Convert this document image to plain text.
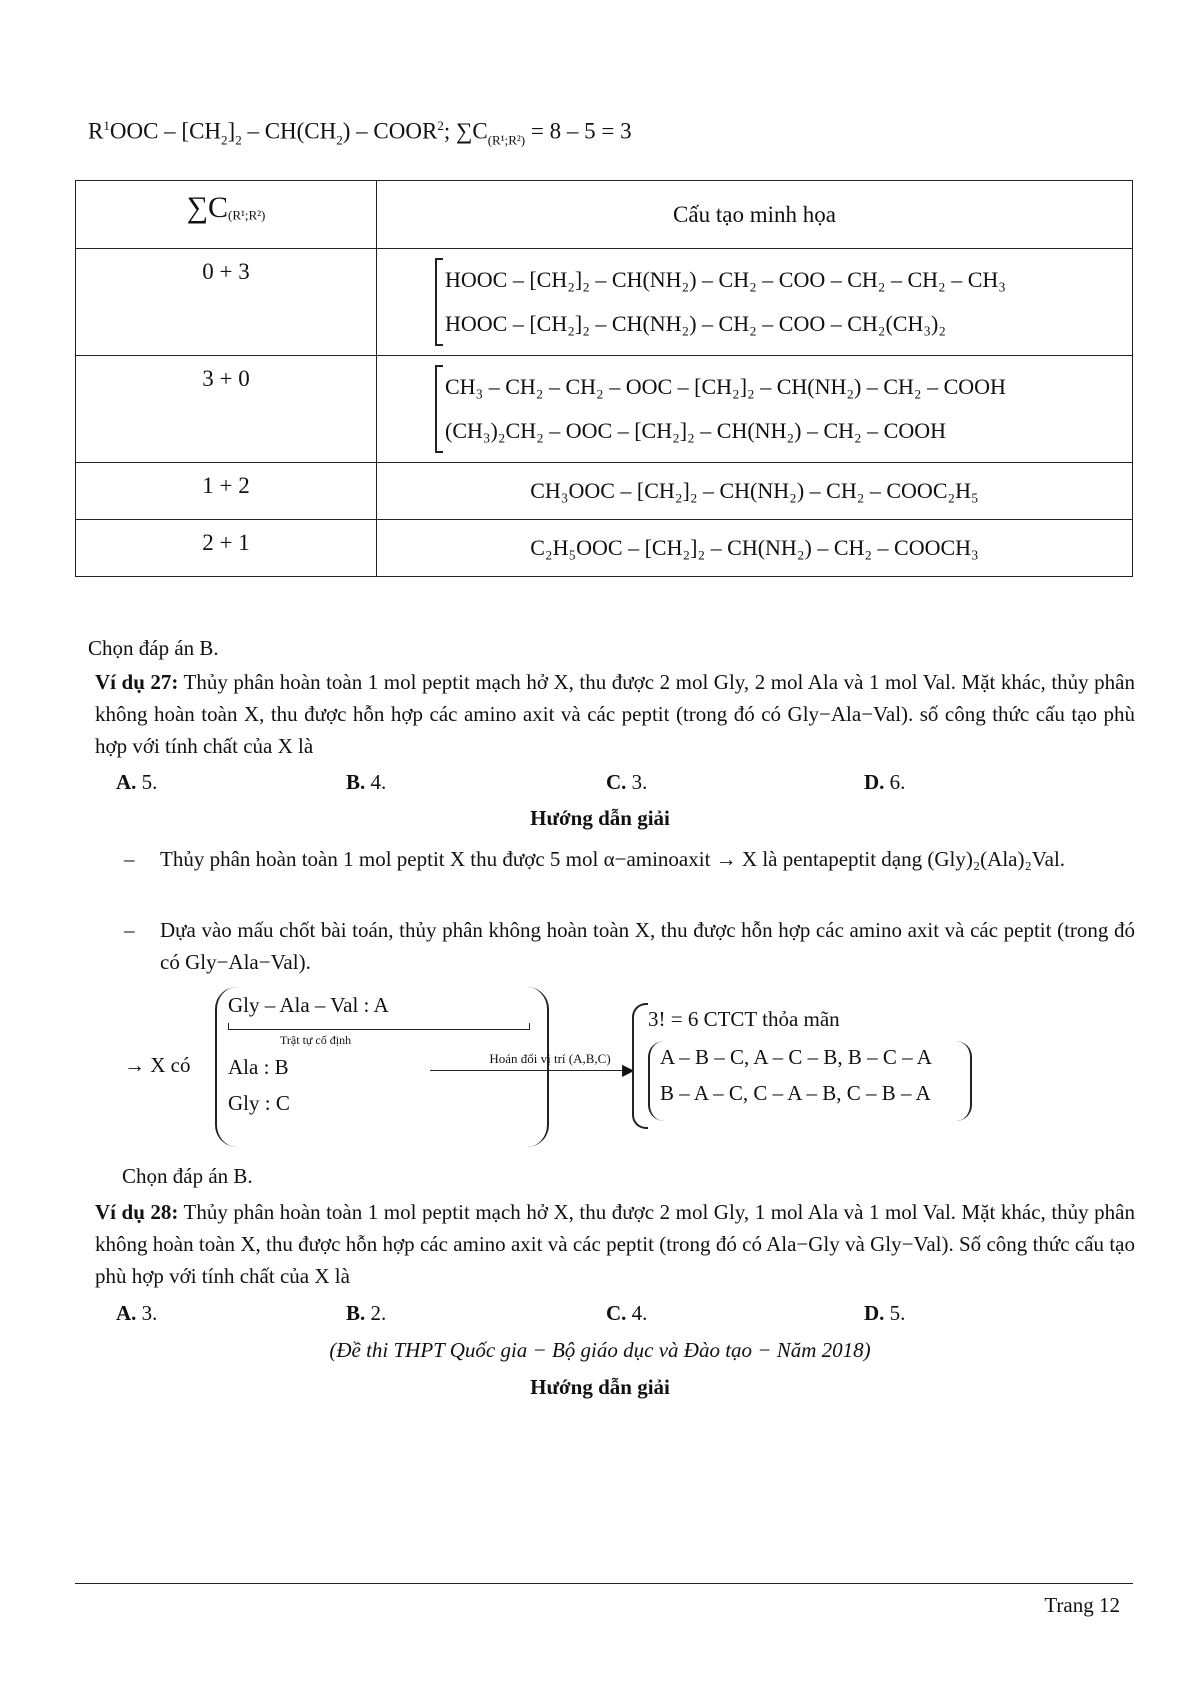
$R^1OOC - [CH_2]_2 - CH(CH_2)$ – COOR$^2$; $\sum C_{(R^1;R^2)} = 8 - 5 = 3$
$\sum C_{(R^1;R^2)}$	Cấu tạo minh họa
0 + 3	HOOC – [CH₂]₂ – CH(NH₂) – CH₂ – COO – CH₂ – CH₂ – CH₃
HOOC – [CH₂]₂ – CH(NH₂) – CH₂ – COO – CH₂(CH₃)₂

3 + 0	CH₃ – CH₂ – CH₂ – OOC – [CH₂]₂ – CH(NH₂) – CH₂ – COOH
(CH₃)₂CH₂ – OOC – [CH₂]₂ – CH(NH₂) – CH₂ – COOH

1 + 2	CH₃OOC – [CH₂]₂ – CH(NH₂) – CH₂ – COOC₂H₅

2 + 1	C₂H₅OOC – [CH₂]₂ – CH(NH₂) – CH₂ – COOCH₃
Chọn đáp án B.
Ví dụ 27: Thủy phân hoàn toàn 1 mol peptit mạch hở X, thu được 2 mol Gly, 2 mol Ala và 1 mol Val. Mặt khác, thủy phân không hoàn toàn X, thu được hỗn hợp các amino axit và các peptit (trong đó có Gly−Ala−Val). số công thức cấu tạo phù hợp với tính chất của X là
A. 5.	B. 4.	C. 3.	D. 6.
Hướng dẫn giải
– Thủy phân hoàn toàn 1 mol peptit X thu được 5 mol α−aminoaxit → X là pentapeptit dạng (Gly)₂(Ala)₂Val.
– Dựa vào mấu chốt bài toán, thủy phân không hoàn toàn X, thu được hỗn hợp các amino axit và các peptit (trong đó có Gly−Ala−Val).
→ X có
Gly – Ala – Val : A
Trật tự cố định
Ala : B
Gly : C
Hoán đổi vị trí (A,B,C)
▶
3! = 6 CTCT thỏa mãn
A – B – C, A – C – B, B – C – A
B – A – C, C – A – B, C – B – A
Chọn đáp án B.
Ví dụ 28: Thủy phân hoàn toàn 1 mol peptit mạch hở X, thu được 2 mol Gly, 1 mol Ala và 1 mol Val. Mặt khác, thủy phân không hoàn toàn X, thu được hỗn hợp các amino axit và các peptit (trong đó có Ala−Gly và Gly−Val). Số công thức cấu tạo phù hợp với tính chất của X là
A. 3.	B. 2.	C. 4.	D. 5.
(Đề thi THPT Quốc gia − Bộ giáo dục và Đào tạo − Năm 2018)
Hướng dẫn giải
Trang 12
